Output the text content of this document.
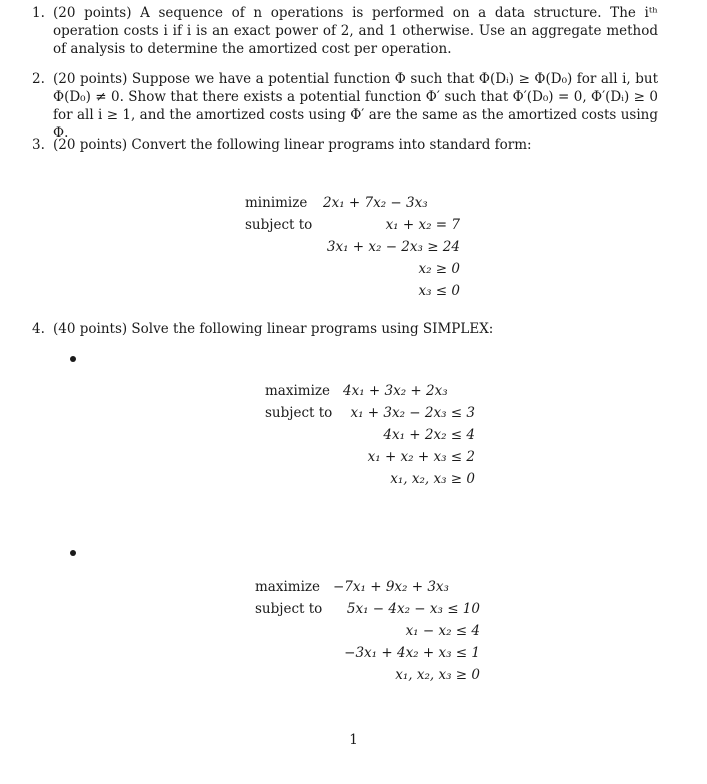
1. (20 points) A sequence of n operations is performed on a data structure. The iᵗʰ operation costs i if i is an exact power of 2, and 1 otherwise. Use an aggregate method of analysis to determine the amortized cost per operation.
2. (20 points) Suppose we have a potential function Φ such that Φ(Dᵢ) ≥ Φ(D₀) for all i, but Φ(D₀) ≠ 0. Show that there exists a potential function Φ′ such that Φ′(D₀) = 0, Φ′(Dᵢ) ≥ 0 for all i ≥ 1, and the amortized costs using Φ′ are the same as the amortized costs using Φ.
3. (20 points) Convert the following linear programs into standard form:
minimize
subject to
2x₁ + 7x₂ − 3x₃
x₁ + x₂ = 7
3x₁ + x₂ − 2x₃ ≥ 24
x₂ ≥ 0
x₃ ≤ 0
4. (40 points) Solve the following linear programs using SIMPLEX:
maximize
subject to
4x₁ + 3x₂ + 2x₃
x₁ + 3x₂ − 2x₃ ≤ 3
4x₁ + 2x₂ ≤ 4
x₁ + x₂ + x₃ ≤ 2
x₁, x₂, x₃ ≥ 0
maximize
subject to
−7x₁ + 9x₂ + 3x₃
5x₁ − 4x₂ − x₃ ≤ 10
x₁ − x₂ ≤ 4
−3x₁ + 4x₂ + x₃ ≤ 1
x₁, x₂, x₃ ≥ 0
1
